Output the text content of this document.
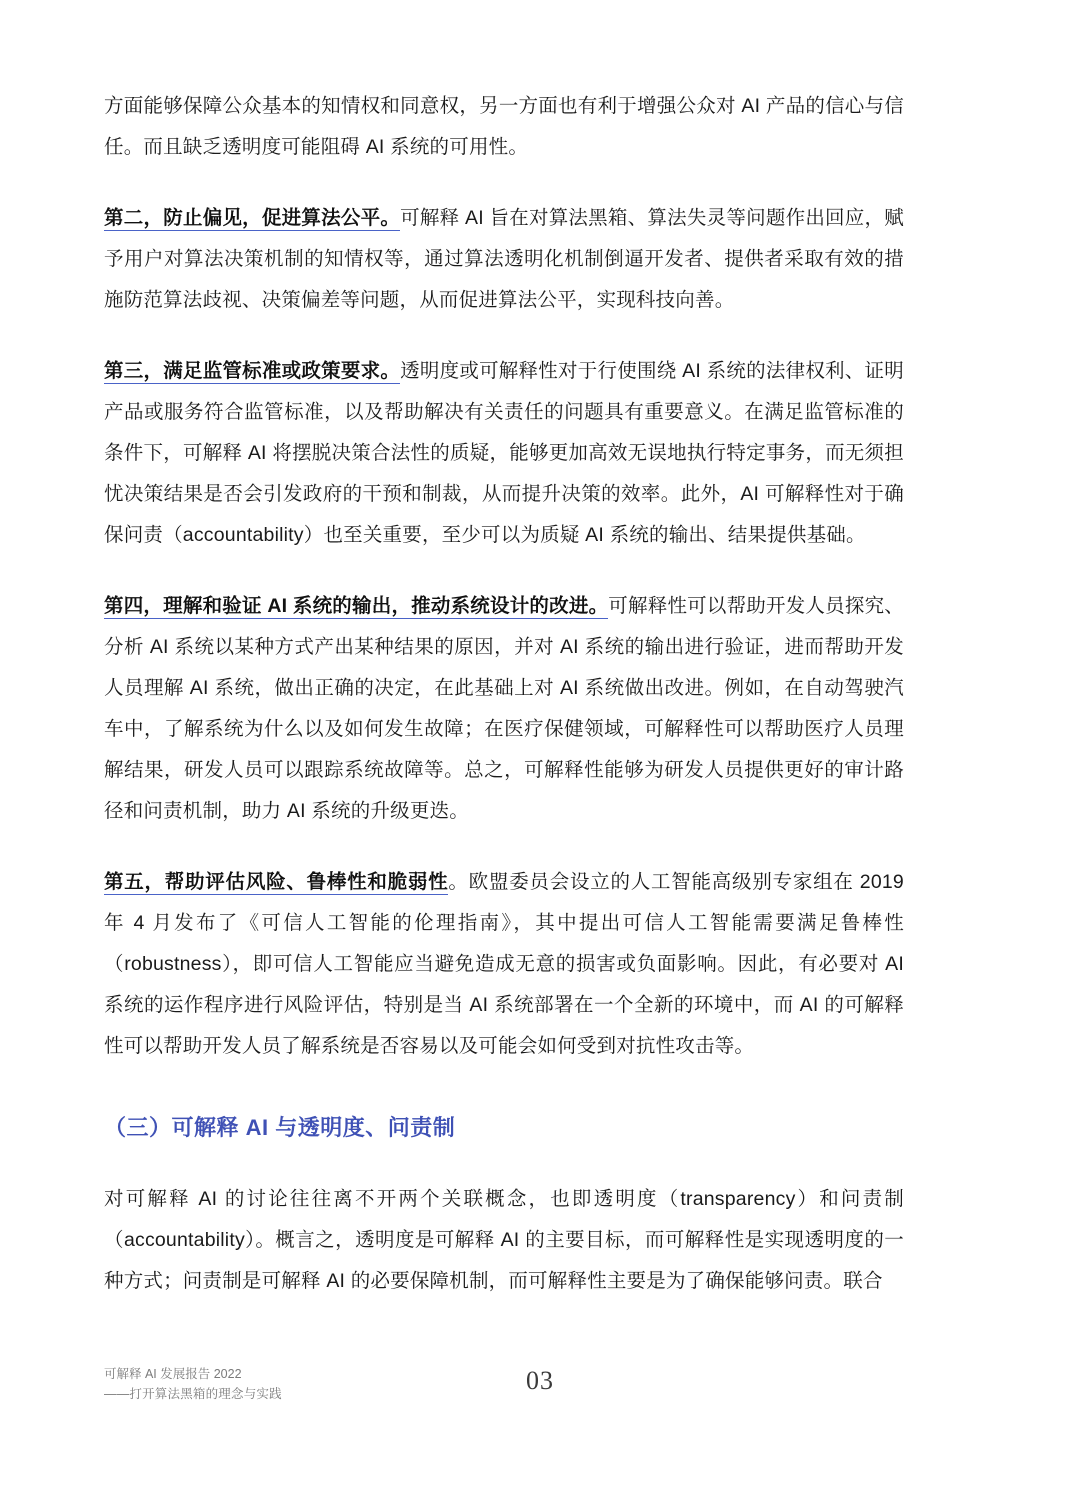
方面能够保障公众基本的知情权和同意权，另一方面也有利于增强公众对 AI 产品的信心与信任。而且缺乏透明度可能阻碍 AI 系统的可用性。

第二，防止偏见，促进算法公平。可解释 AI 旨在对算法黑箱、算法失灵等问题作出回应，赋予用户对算法决策机制的知情权等，通过算法透明化机制倒逼开发者、提供者采取有效的措施防范算法歧视、决策偏差等问题，从而促进算法公平，实现科技向善。

第三，满足监管标准或政策要求。透明度或可解释性对于行使围绕 AI 系统的法律权利、证明产品或服务符合监管标准，以及帮助解决有关责任的问题具有重要意义。在满足监管标准的条件下，可解释 AI 将摆脱决策合法性的质疑，能够更加高效无误地执行特定事务，而无须担忧决策结果是否会引发政府的干预和制裁，从而提升决策的效率。此外，AI 可解释性对于确保问责（accountability）也至关重要，至少可以为质疑 AI 系统的输出、结果提供基础。

第四，理解和验证 AI 系统的输出，推动系统设计的改进。可解释性可以帮助开发人员探究、分析 AI 系统以某种方式产出某种结果的原因，并对 AI 系统的输出进行验证，进而帮助开发人员理解 AI 系统，做出正确的决定，在此基础上对 AI 系统做出改进。例如，在自动驾驶汽车中，了解系统为什么以及如何发生故障；在医疗保健领域，可解释性可以帮助医疗人员理解结果，研发人员可以跟踪系统故障等。总之，可解释性能够为研发人员提供更好的审计路径和问责机制，助力 AI 系统的升级更迭。

第五，帮助评估风险、鲁棒性和脆弱性。欧盟委员会设立的人工智能高级别专家组在 2019 年 4 月发布了《可信人工智能的伦理指南》，其中提出可信人工智能需要满足鲁棒性（robustness），即可信人工智能应当避免造成无意的损害或负面影响。因此，有必要对 AI 系统的运作程序进行风险评估，特别是当 AI 系统部署在一个全新的环境中，而 AI 的可解释性可以帮助开发人员了解系统是否容易以及可能会如何受到对抗性攻击等。

（三）可解释 AI 与透明度、问责制

对可解释 AI 的讨论往往离不开两个关联概念，也即透明度（transparency）和问责制（accountability）。概言之，透明度是可解释 AI 的主要目标，而可解释性是实现透明度的一种方式；问责制是可解释 AI 的必要保障机制，而可解释性主要是为了确保能够问责。联合

可解释 AI 发展报告 2022
——打开算法黑箱的理念与实践	03
